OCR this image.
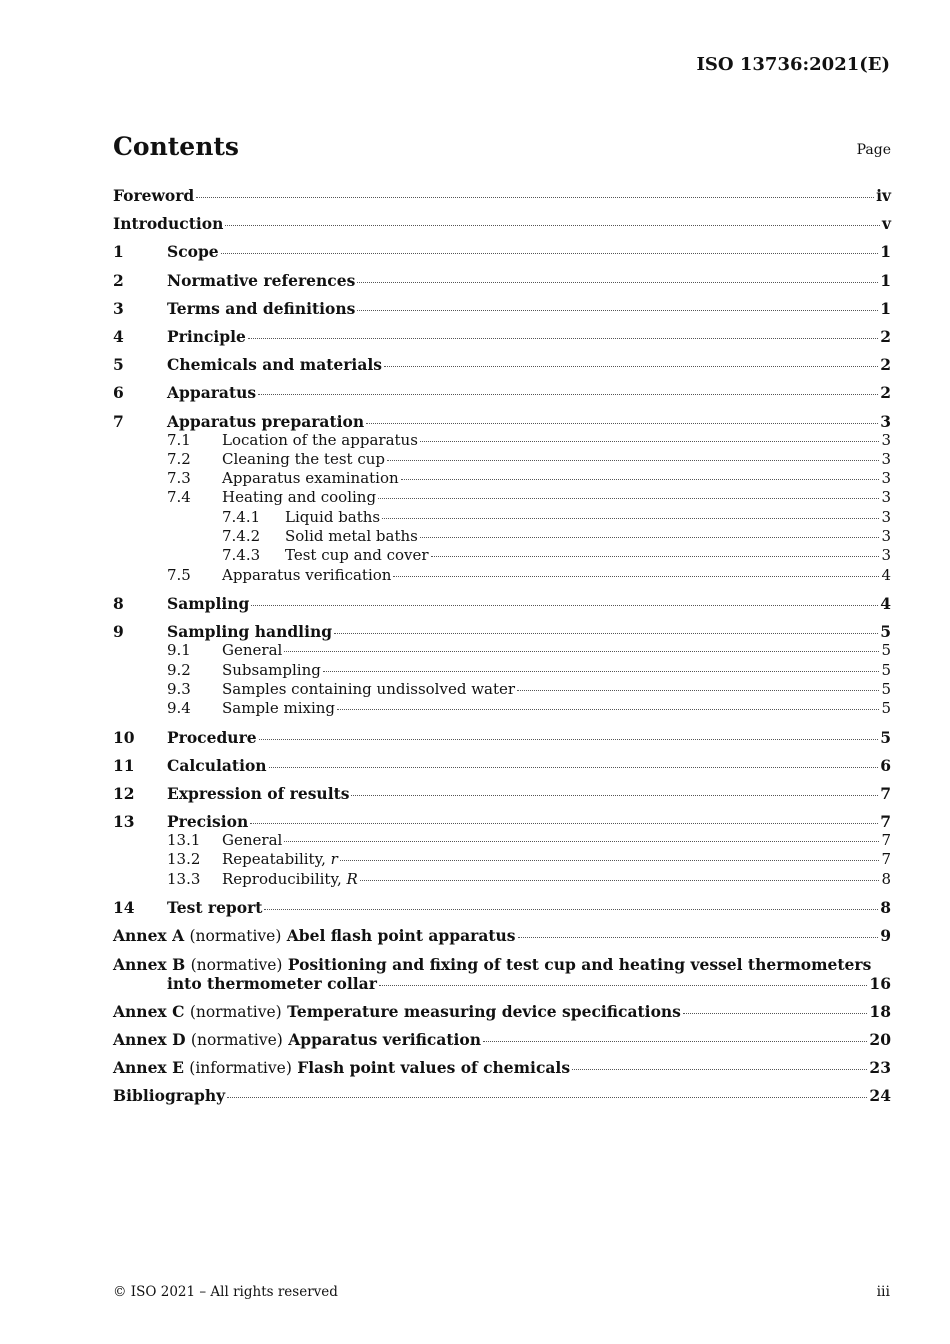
ISO 13736:2021(E)
Contents	Page
Foreword	iv
Introduction	v
1	Scope	1
2	Normative references	1
3	Terms and definitions	1
4	Principle	2
5	Chemicals and materials	2
6	Apparatus	2
7	Apparatus preparation	3
7.1	Location of the apparatus	3
7.2	Cleaning the test cup	3
7.3	Apparatus examination	3
7.4	Heating and cooling	3
7.4.1	Liquid baths	3
7.4.2	Solid metal baths	3
7.4.3	Test cup and cover	3
7.5	Apparatus verification	4
8	Sampling	4
9	Sampling handling	5
9.1	General	5
9.2	Subsampling	5
9.3	Samples containing undissolved water	5
9.4	Sample mixing	5
10	Procedure	5
11	Calculation	6
12	Expression of results	7
13	Precision	7
13.1	General	7
13.2	Repeatability, r	7
13.3	Reproducibility, R	8
14	Test report	8
Annex A (normative) Abel flash point apparatus	9
Annex B (normative) Positioning and fixing of test cup and heating vessel thermometers
into thermometer collar	16
Annex C (normative) Temperature measuring device specifications	18
Annex D (normative) Apparatus verification	20
Annex E (informative) Flash point values of chemicals	23
Bibliography	24
© ISO 2021 – All rights reserved	iii
